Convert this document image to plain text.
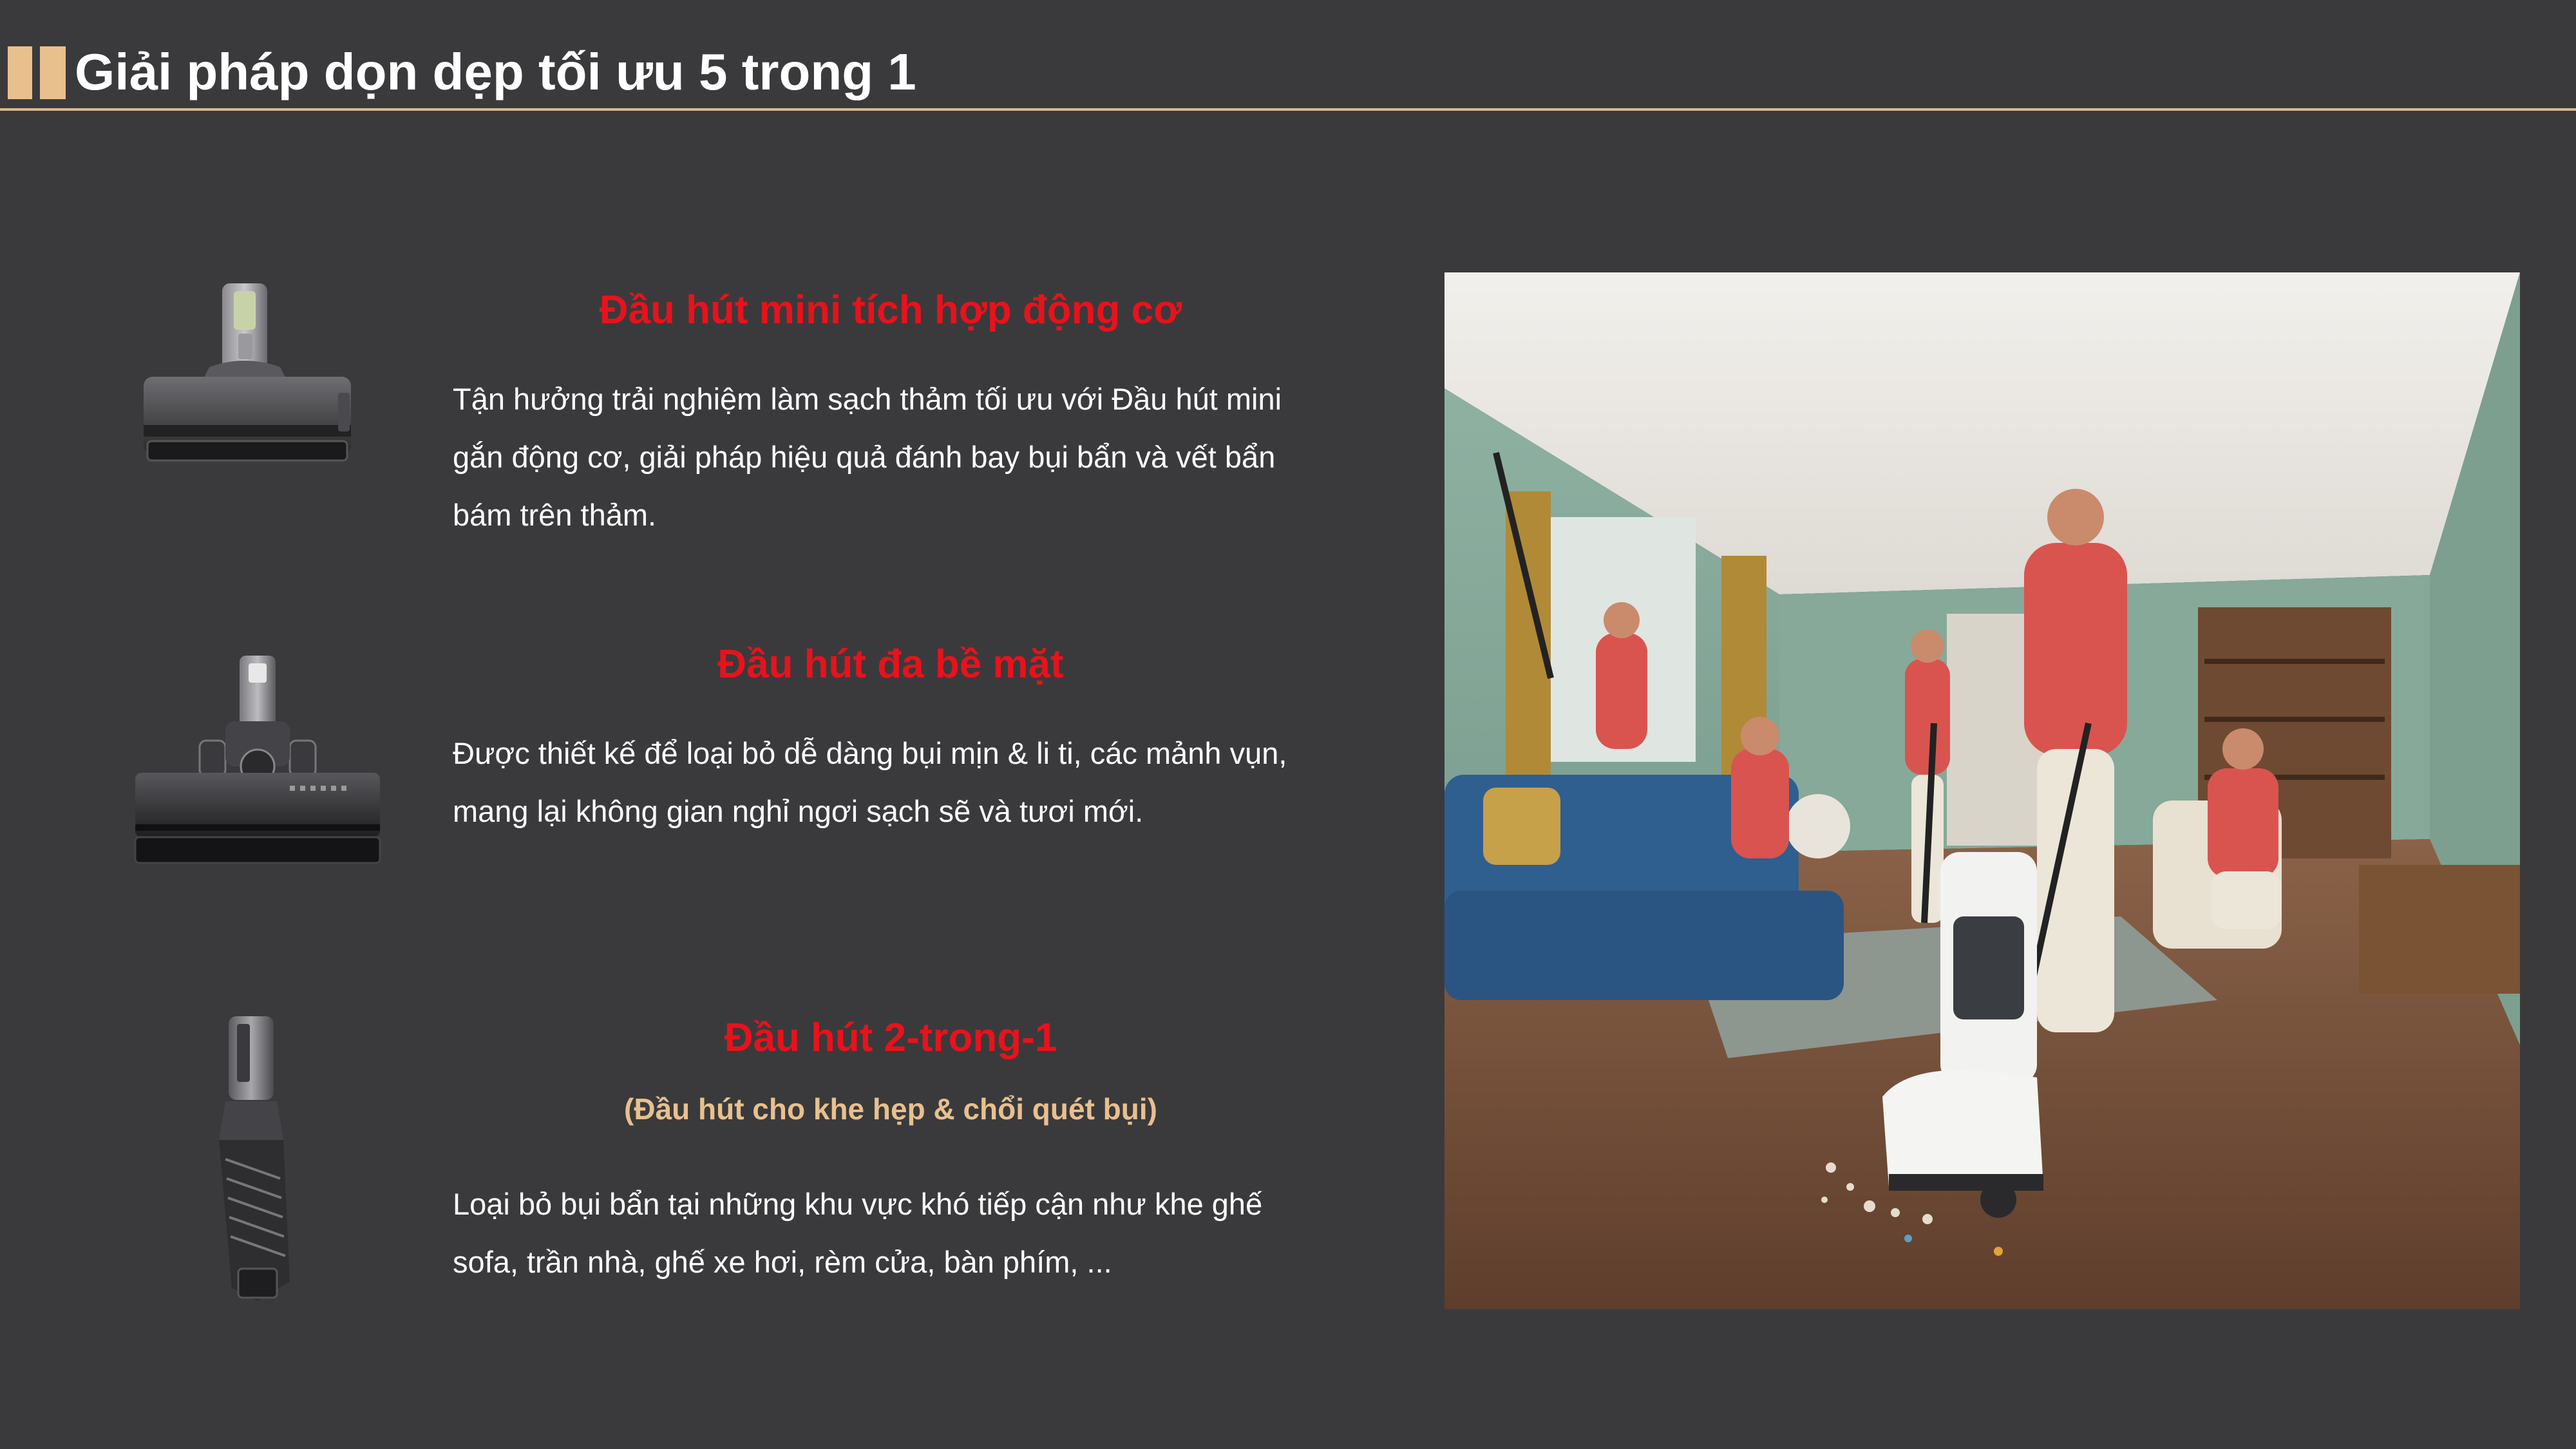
Giải pháp dọn dẹp tối ưu 5 trong 1
Đầu hút mini tích hợp động cơ
Tận hưởng trải nghiệm làm sạch thảm tối ưu với Đầu hút mini gắn động cơ, giải pháp hiệu quả đánh bay bụi bẩn và vết bẩn bám trên thảm.
Đầu hút đa bề mặt
Được thiết kế để loại bỏ dễ dàng bụi mịn & li ti, các mảnh vụn, mang lại không gian nghỉ ngơi sạch sẽ và tươi mới.
Đầu hút 2-trong-1
(Đầu hút cho khe hẹp & chổi quét bụi)
Loại bỏ bụi bẩn tại những khu vực khó tiếp cận như khe ghế sofa, trần nhà, ghế xe hơi, rèm cửa, bàn phím, ...
